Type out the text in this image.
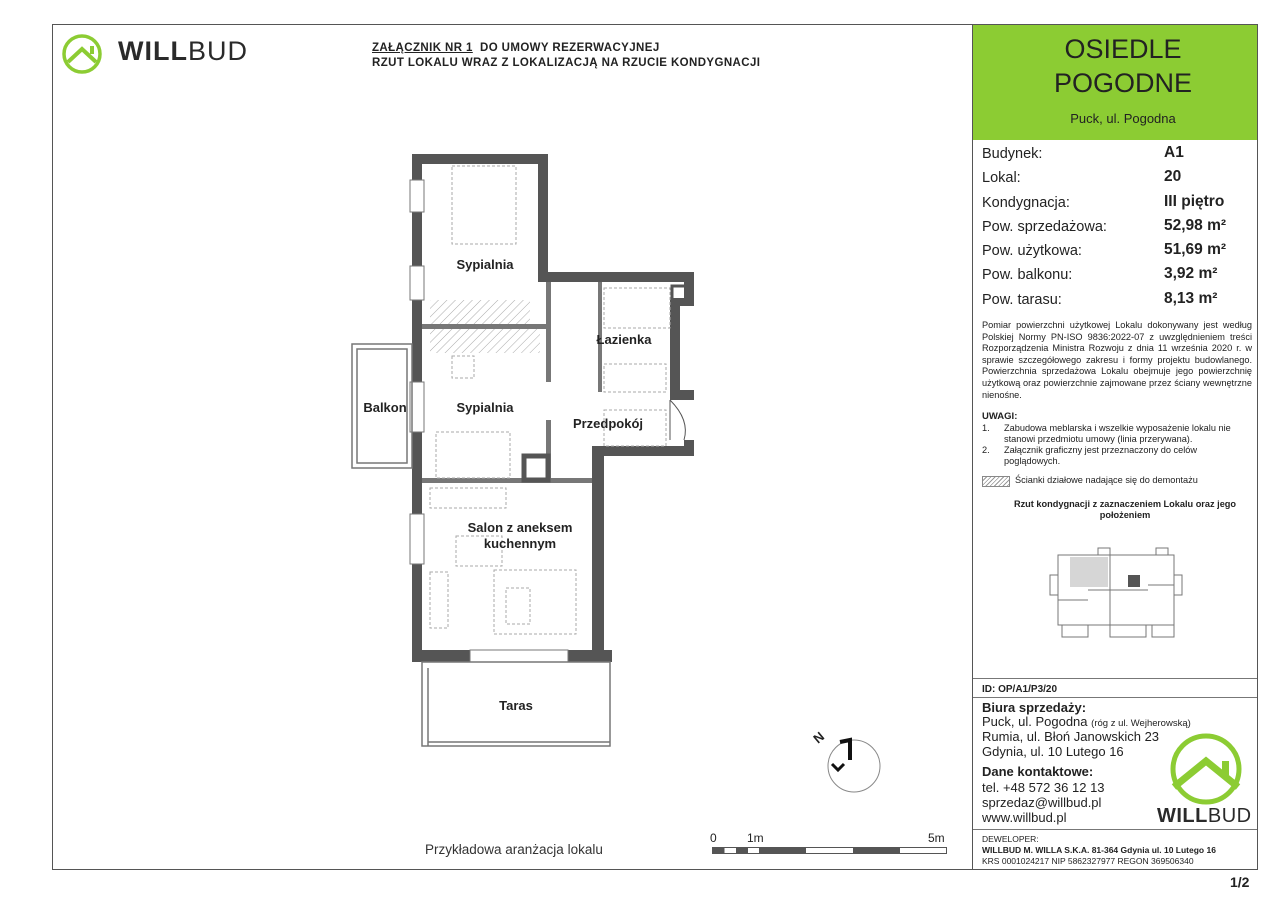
WILLBUD	ZAŁĄCZNIK NR 1 DO UMOWY REZERWACYJNEJ
RZUT LOKALU WRAZ Z LOKALIZACJĄ NA RZUCIE KONDYGNACJI	OSIEDLE
POGODNE
Puck, ul. Pogodna
Budynek:	A1
Lokal:	20
Kondygnacja:	III piętro
Pow. sprzedażowa:	52,98 m²
Pow. użytkowa:	51,69 m²
Pow. balkonu:	3,92 m²
Pow. tarasu:	8,13 m²
Pomiar powierzchni użytkowej Lokalu dokonywany jest według Polskiej Normy PN-ISO 9836:2022-07 z uwzględnieniem treści Rozporządzenia Ministra Rozwoju z dnia 11 września 2020 r. w sprawie szczegółowego zakresu i formy projektu budowlanego. Powierzchnia sprzedażowa Lokalu obejmuje jego powierzchnię użytkową oraz powierzchnie zajmowane przez ściany wewnętrzne nienośne.
UWAGI:
1. Zabudowa meblarska i wszelkie wyposażenie lokalu nie stanowi przedmiotu umowy (linia przerywana).
2. Załącznik graficzny jest przeznaczony do celów poglądowych.
Ścianki działowe nadające się do demontażu
Rzut kondygnacji z zaznaczeniem Lokalu oraz jego położeniem
ID: OP/A1/P3/20
Biura sprzedaży:
Puck, ul. Pogodna (róg z ul. Wejherowską)
Rumia, ul. Błoń Janowskich 23
Gdynia, ul. 10 Lutego 16
Dane kontaktowe:
tel. +48 572 36 12 13
sprzedaz@willbud.pl
www.willbud.pl	WILLBUD
DEWELOPER:
WILLBUD M. WILLA S.K.A. 81-364 Gdynia ul. 10 Lutego 16
KRS 0001024217 NIP 5862327977 REGON 369506340
1/2
Sypialnia
Łazienka
Balkon	Sypialnia
Przedpokój
Salon z aneksem
kuchennym
Taras
N
0	1m	5m
Przykładowa aranżacja lokalu
